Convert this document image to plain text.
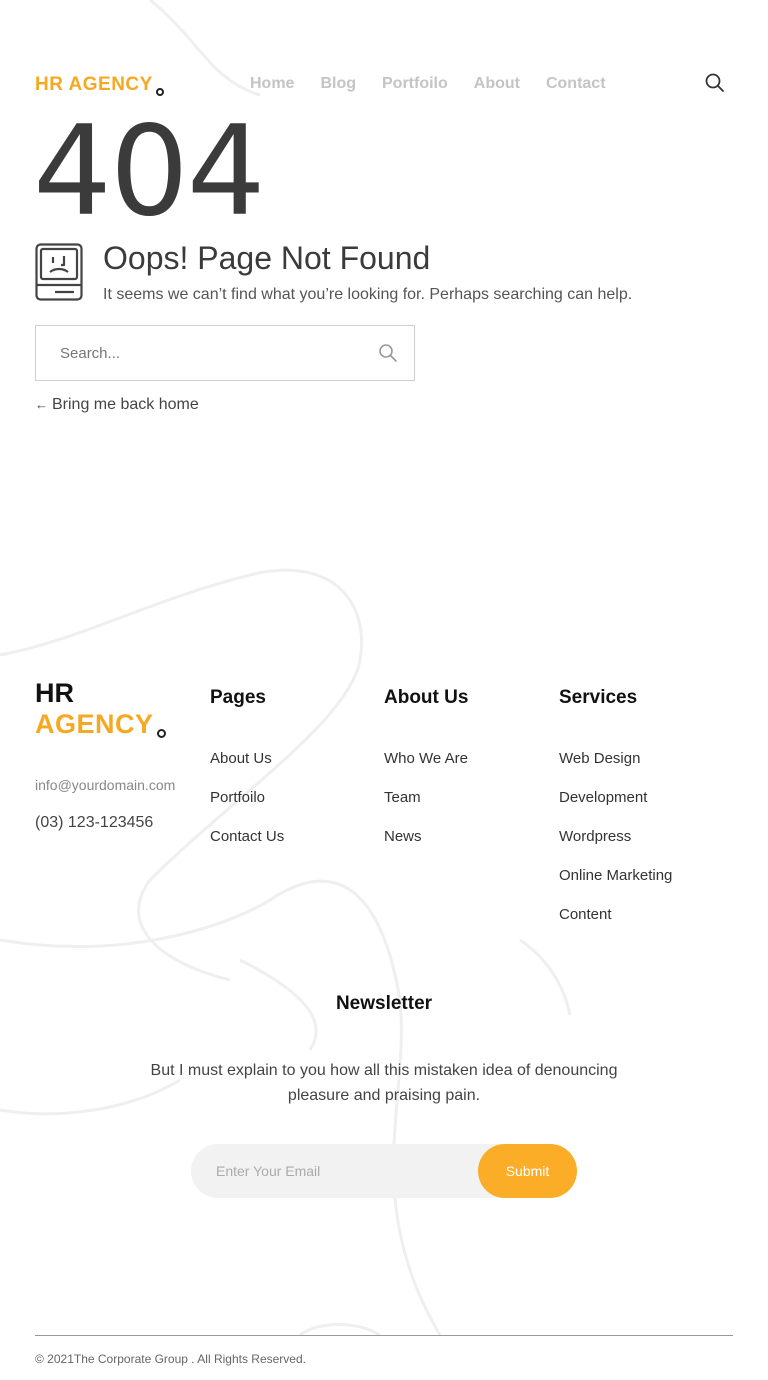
HR AGENCY	Home Blog Portfoilo About Contact
404
Oops! Page Not Found
It seems we can’t find what you’re looking for. Perhaps searching can help.
Search...
← Bring me back home
HR
AGENCY
info@yourdomain.com
(03) 123-123456
Pages
About Us
Portfoilo
Contact Us
About Us
Who We Are
Team
News
Services
Web Design
Development
Wordpress
Online Marketing
Content
Newsletter
But I must explain to you how all this mistaken idea of denouncing pleasure and praising pain.
Enter Your Email
Submit
© 2021The Corporate Group . All Rights Reserved.
